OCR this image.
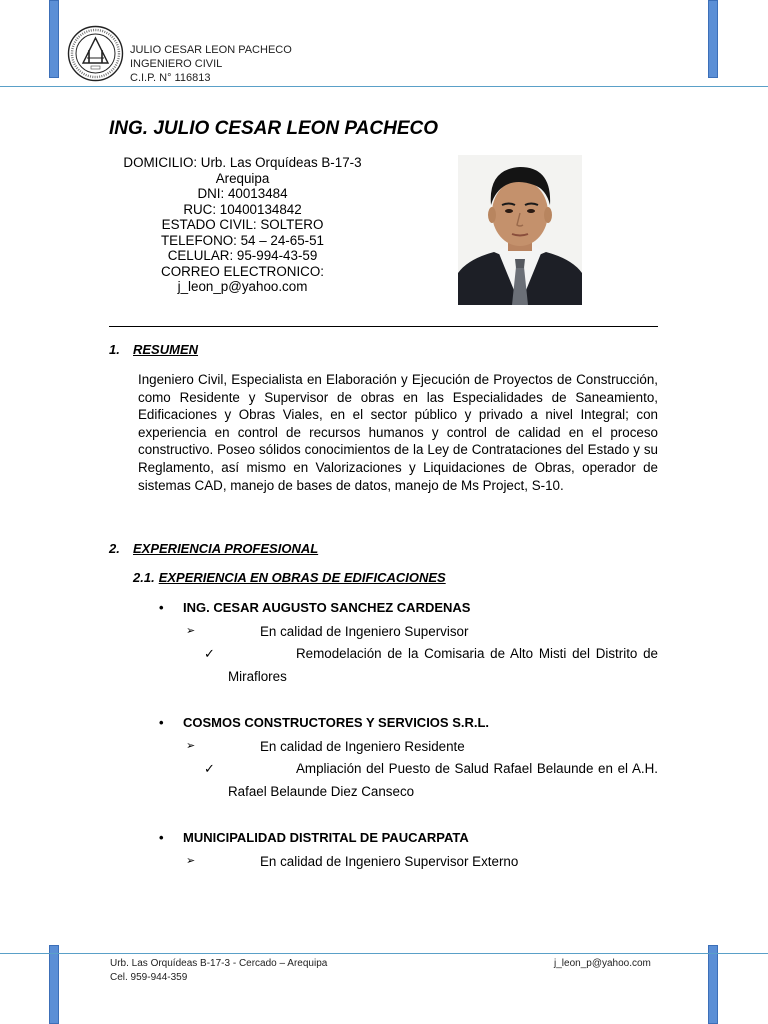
JULIO CESAR LEON PACHECO
INGENIERO CIVIL
C.I.P. N° 116813
ING. JULIO CESAR LEON PACHECO
DOMICILIO: Urb. Las Orquídeas B-17-3
Arequipa
DNI: 40013484
RUC: 10400134842
ESTADO CIVIL: SOLTERO
TELEFONO: 54 – 24-65-51
CELULAR: 95-994-43-59
CORREO ELECTRONICO:
j_leon_p@yahoo.com
1. RESUMEN
Ingeniero Civil, Especialista en Elaboración y Ejecución de Proyectos de Construcción, como Residente y Supervisor de obras en las Especialidades de Saneamiento, Edificaciones y Obras Viales, en el sector público y privado a nivel Integral; con experiencia en control de recursos humanos y control de calidad en el proceso constructivo. Poseo sólidos conocimientos de la Ley de Contrataciones del Estado y su Reglamento, así mismo en Valorizaciones y Liquidaciones de Obras, operador de sistemas CAD, manejo de bases de datos, manejo de Ms Project, S-10.
2. EXPERIENCIA PROFESIONAL
2.1. EXPERIENCIA EN OBRAS DE EDIFICACIONES
• ING. CESAR AUGUSTO SANCHEZ CARDENAS
➢	En calidad de Ingeniero Supervisor
✓	Remodelación de la Comisaria de Alto Misti del Distrito de Miraflores
• COSMOS CONSTRUCTORES Y SERVICIOS S.R.L.
➢	En calidad de Ingeniero Residente
✓	Ampliación del Puesto de Salud Rafael Belaunde en el A.H. Rafael Belaunde Diez Canseco
• MUNICIPALIDAD DISTRITAL DE PAUCARPATA
➢	En calidad de Ingeniero Supervisor Externo
Urb. Las Orquídeas B-17-3 - Cercado – Arequipa
Cel. 959-944-359
j_leon_p@yahoo.com
